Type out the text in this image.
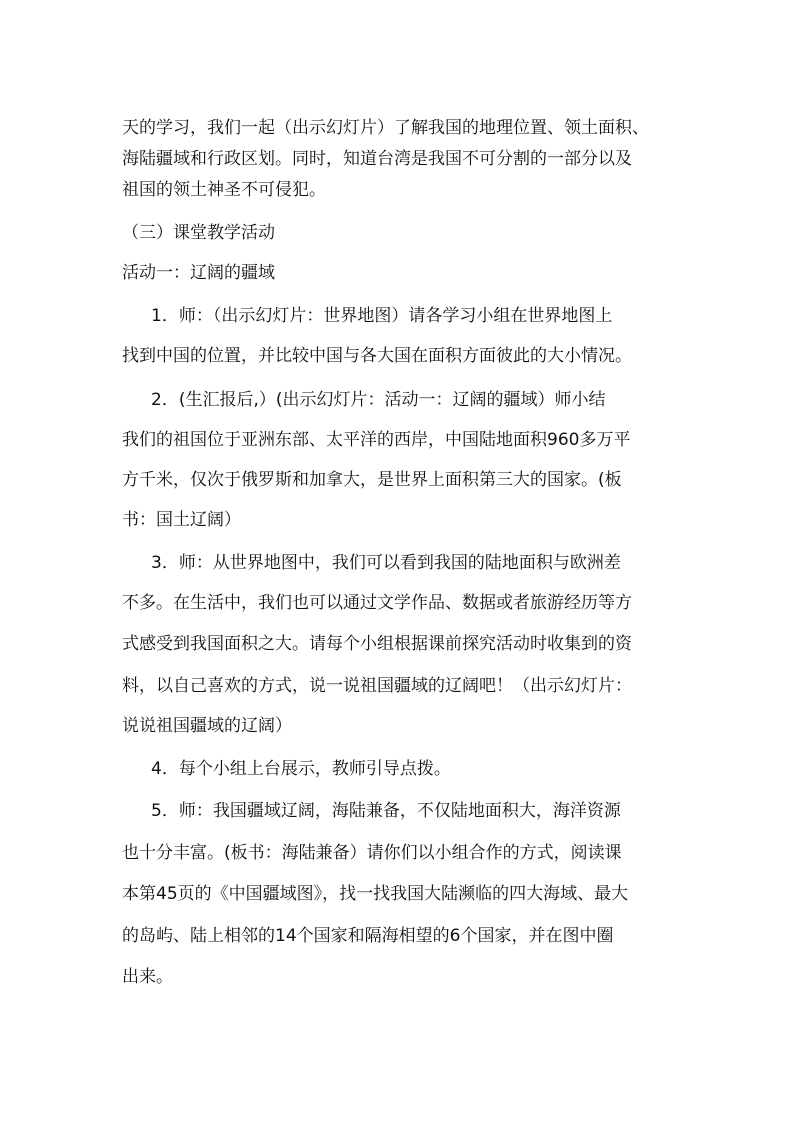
天的学习，我们一起（出示幻灯片）了解我国的地理位置、领土面积、
海陆疆域和行政区划。同时，知道台湾是我国不可分割的一部分以及
祖国的领土神圣不可侵犯。
（三）课堂教学活动
活动一：辽阔的疆域
1．师：（出示幻灯片：世界地图）请各学习小组在世界地图上
找到中国的位置，并比较中国与各大国在面积方面彼此的大小情况。
2．(生汇报后,）(出示幻灯片：活动一：辽阔的疆域）师小结
我们的祖国位于亚洲东部、太平洋的西岸，中国陆地面积960多万平
方千米，仅次于俄罗斯和加拿大，是世界上面积第三大的国家。(板
书：国土辽阔）
3．师：从世界地图中，我们可以看到我国的陆地面积与欧洲差
不多。在生活中，我们也可以通过文学作品、数据或者旅游经历等方
式感受到我国面积之大。请每个小组根据课前探究活动时收集到的资
料，以自己喜欢的方式，说一说祖国疆域的辽阔吧！（出示幻灯片：
说说祖国疆域的辽阔）
4．每个小组上台展示，教师引导点拨。
5．师：我国疆域辽阔，海陆兼备，不仅陆地面积大，海洋资源
也十分丰富。(板书：海陆兼备）请你们以小组合作的方式，阅读课
本第45页的《中国疆域图》，找一找我国大陆濒临的四大海域、最大
的岛屿、陆上相邻的14个国家和隔海相望的6个国家，并在图中圈
出来。
